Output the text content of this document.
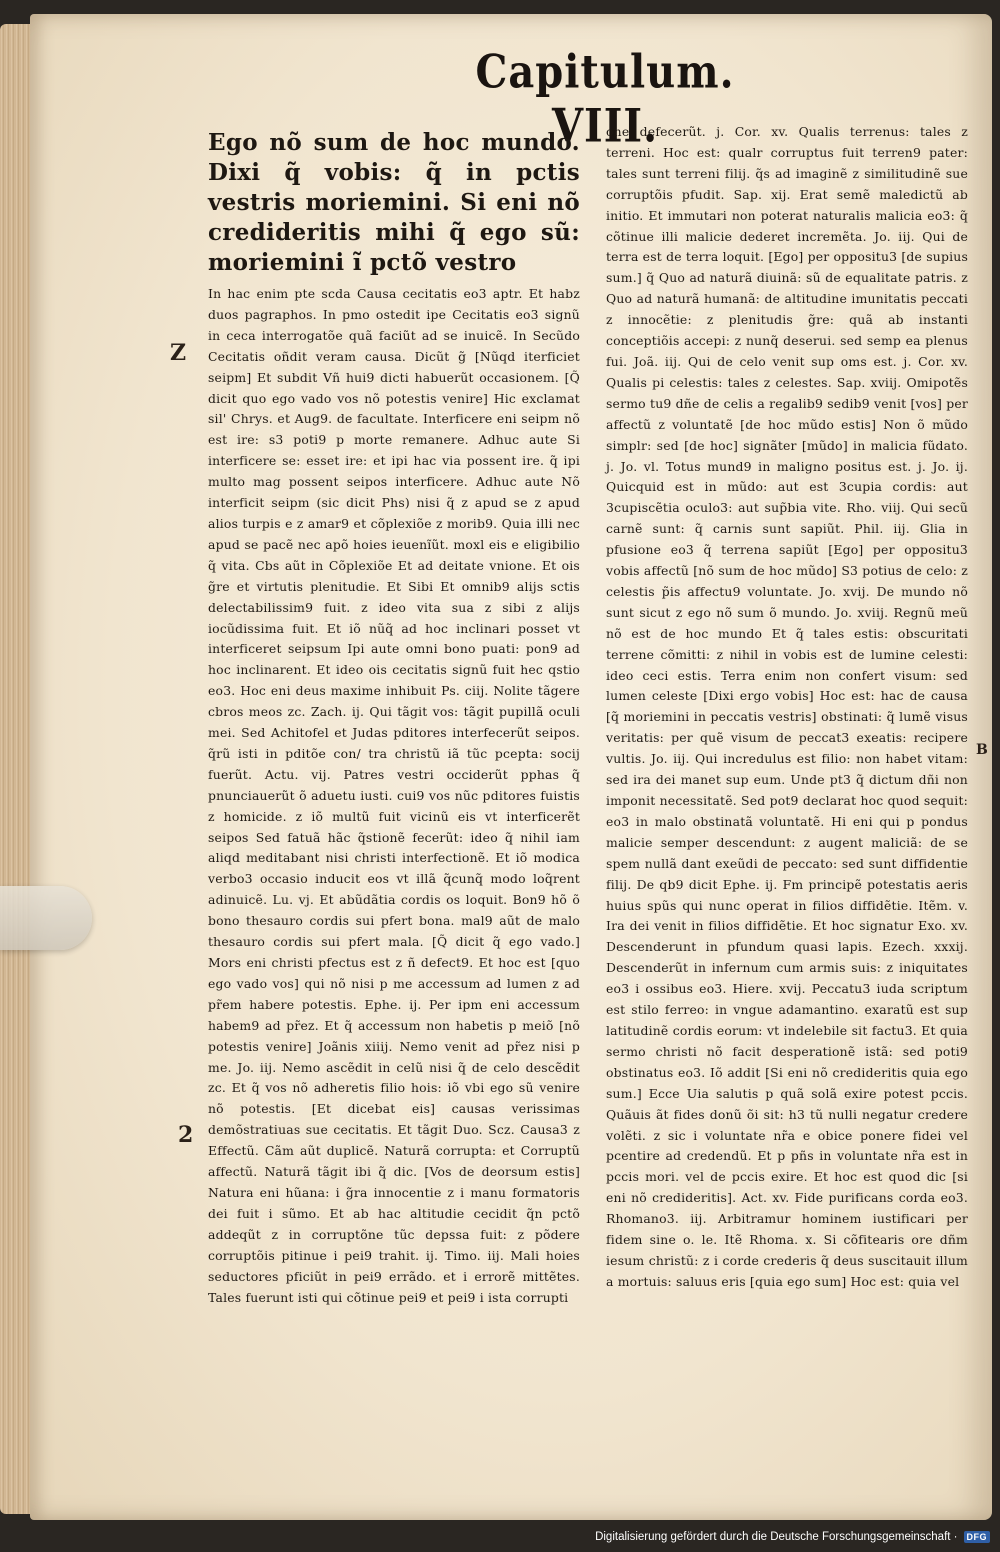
Capitulum. VIII.
Z
2
B

Ego nõ sum de hoc mundo. Dixi q̃ vobis: q̃ in pctis vestris moriemini. Si eni nõ credideritis mihi q̃ ego sũ: moriemini ĩ pctõ vestro

In hac enim pte scda Causa cecitatis eo3 aptr. Et habz duos pagraphos. In pmo ostedit ipe Cecitatis eo3 signũ in ceca interrogatõe quã faciũt ad se inuicẽ. In Secũdo Cecitatis oñdit veram causa. Dicũt g̃ [Nũqd iterficiet seipm] Et subdit Vñ hui9 dicti habuerũt occasionem. [Q̃ dicit quo ego vado vos nõ potestis venire] Hic exclamat sil' Chrys. et Aug9. de facultate. Interficere eni seipm nõ est ire: s3 poti9 p morte remanere. Adhuc aute Si interficere se: esset ire: et ipi hac via possent ire. q̃ ipi multo mag possent seipos interficere. Adhuc aute Nõ interficit seipm (sic dicit Phs) nisi q̃ z apud se z apud alios turpis e z amar9 et cõplexiõe z morib9. Quia illi nec apud se pacẽ nec apõ hoies ieuenĩũt. moxl eis e eligibilio q̃ vita. Cbs aũt in Cõplexiõe Et ad deitate vnione. Et ois g̃re et virtutis plenitudie. Et Sibi Et omnib9 alijs sctis delectabilissim9 fuit. z ideo vita sua z sibi z alijs iocũdissima fuit. Et iõ nũq̃ ad hoc inclinari posset vt interficeret seipsum Ipi aute omni bono puati: pon9 ad hoc inclinarent. Et ideo ois cecitatis signũ fuit hec qstio eo3. Hoc eni deus maxime inhibuit Ps. ciij. Nolite tãgere cbros meos zc. Zach. ij. Qui tãgit vos: tãgit pupillã oculi mei. Sed Achitofel et Judas pditores interfecerũt seipos. q̃rũ isti in pditõe con/ tra christũ iã tũc pcepta: socij fuerũt. Actu. vij. Patres vestri occiderũt pphas q̃ pnunciauerũt õ aduetu iusti. cui9 vos nũc pditores fuistis z homicide. z iõ multũ fuit vicinũ eis vt interficerẽt seipos Sed fatuã hãc q̃stionẽ fecerũt: ideo q̃ nihil iam aliqd meditabant nisi christi interfectionẽ. Et iõ modica verbo3 occasio inducit eos vt illã q̃cunq̃ modo loq̃rent adinuicẽ. Lu. vj. Et abũdãtia cordis os loquit. Bon9 hõ õ bono thesauro cordis sui pfert bona. mal9 aũt de malo thesauro cordis sui pfert mala. [Q̃ dicit q̃ ego vado.] Mors eni christi pfectus est z ñ defect9. Et hoc est [quo ego vado vos] qui nõ nisi p me accessum ad lumen z ad pr̃em habere potestis. Ephe. ij. Per ipm eni accessum habem9 ad pr̃ez. Et q̃ accessum non habetis p meiõ [nõ potestis venire] Joãnis xiiij. Nemo venit ad pr̃ez nisi p me. Jo. iij. Nemo ascẽdit in celũ nisi q̃ de celo descẽdit zc. Et q̃ vos nõ adheretis filio hois: iõ vbi ego sũ venire nõ potestis. [Et dicebat eis] causas verissimas demõstratiuas sue cecitatis. Et tãgit Duo. Scz. Causa3 z Effectũ. Cãm aũt duplicẽ. Naturã corrupta: et Corruptũ affectũ. Naturã tãgit ibi q̃ dic. [Vos de deorsum estis] Natura eni hũana: i g̃ra innocentie z i manu formatoris dei fuit i sũmo. Et ab hac altitudie cecidit q̃n pctõ addeqũt z in corruptõne tũc depssa fuit: z põdere corruptõis pitinue i pei9 trahit. ij. Timo. iij. Mali hoies seductores pficiũt in pei9 errãdo. et i errorẽ mittẽtes. Tales fuerunt isti qui cõtinue pei9 et pei9 i ista corrupti

one defecerũt. j. Cor. xv. Qualis terrenus: tales z terreni. Hoc est: qualr corruptus fuit terren9 pater: tales sunt terreni filij. q̃s ad imaginẽ z similitudinẽ sue corruptõis pfudit. Sap. xij. Erat semẽ maledictũ ab initio. Et immutari non poterat naturalis malicia eo3: q̃ cõtinue illi malicie dederet incremẽta. Jo. iij. Qui de terra est de terra loquit. [Ego] per oppositu3 [de supius sum.] q̃ Quo ad naturã diuinã: sũ de equalitate patris. z Quo ad naturã humanã: de altitudine imunitatis peccati z innocẽtie: z plenitudis g̃re: quã ab instanti conceptiõis accepi: z nunq̃ deserui. sed semp ea plenus fui. Joã. iij. Qui de celo venit sup oms est. j. Cor. xv. Qualis pi celestis: tales z celestes. Sap. xviij. Omipotẽs sermo tu9 dñe de celis a regalib9 sedib9 venit [vos] per affectũ z voluntatẽ [de hoc mũdo estis] Non õ mũdo simplr: sed [de hoc] signãter [mũdo] in malicia fũdato. j. Jo. vl. Totus mund9 in maligno positus est. j. Jo. ij. Quicquid est in mũdo: aut est 3cupia cordis: aut 3cupiscẽtia oculo3: aut sup̃bia vite. Rho. viij. Qui secũ carnẽ sunt: q̃ carnis sunt sapiũt. Phil. iij. Glia in pfusione eo3 q̃ terrena sapiũt [Ego] per oppositu3 vobis affectũ [nõ sum de hoc mũdo] S3 potius de celo: z celestis p̃is affectu9 voluntate. Jo. xvij. De mundo nõ sunt sicut z ego nõ sum õ mundo. Jo. xviij. Regnũ meũ nõ est de hoc mundo Et q̃ tales estis: obscuritati terrene cõmitti: z nihil in vobis est de lumine celesti: ideo ceci estis. Terra enim non confert visum: sed lumen celeste [Dixi ergo vobis] Hoc est: hac de causa [q̃ moriemini in peccatis vestris] obstinati: q̃ lumẽ visus veritatis: per quẽ visum de peccat3 exeatis: recipere vultis. Jo. iij. Qui incredulus est filio: non habet vitam: sed ira dei manet sup eum. Unde pt3 q̃ dictum dñi non imponit necessitatẽ. Sed pot9 declarat hoc quod sequit: eo3 in malo obstinatã voluntatẽ. Hi eni qui p pondus malicie semper descendunt: z augent maliciã: de se spem nullã dant exeũdi de peccato: sed sunt diffidentie filij. De qb9 dicit Ephe. ij. Fm principẽ potestatis aeris huius spũs qui nunc operat in filios diffidẽtie. Itẽm. v. Ira dei venit in filios diffidẽtie. Et hoc signatur Exo. xv. Descenderunt in pfundum quasi lapis. Ezech. xxxij. Descenderũt in infernum cum armis suis: z iniquitates eo3 i ossibus eo3. Hiere. xvij. Peccatu3 iuda scriptum est stilo ferreo: in vngue adamantino. exaratũ est sup latitudinẽ cordis eorum: vt indelebile sit factu3. Et quia sermo christi nõ facit desperationẽ istã: sed poti9 obstinatus eo3. Iõ addit [Si eni nõ credideritis quia ego sum.] Ecce Uia salutis p quã solã exire potest pccis. Quãuis ãt fides donũ õi sit: h3 tũ nulli negatur credere volẽti. z sic i voluntate nr̃a e obice ponere fidei vel pcentire ad credendũ. Et p pñs in voluntate nr̃a est in pccis mori. vel de pccis exire. Et hoc est quod dic [si eni nõ credideritis]. Act. xv. Fide purificans corda eo3. Rhomano3. iij. Arbitramur hominem iustificari per fidem sine o. le. Itẽ Rhoma. x. Si cõfitearis ore dñm iesum christũ: z i corde crederis q̃ deus suscitauit illum a mortuis: saluus eris [quia ego sum] Hoc est: quia vel

Digitalisierung gefördert durch die Deutsche Forschungsgemeinschaft ·	DFG
